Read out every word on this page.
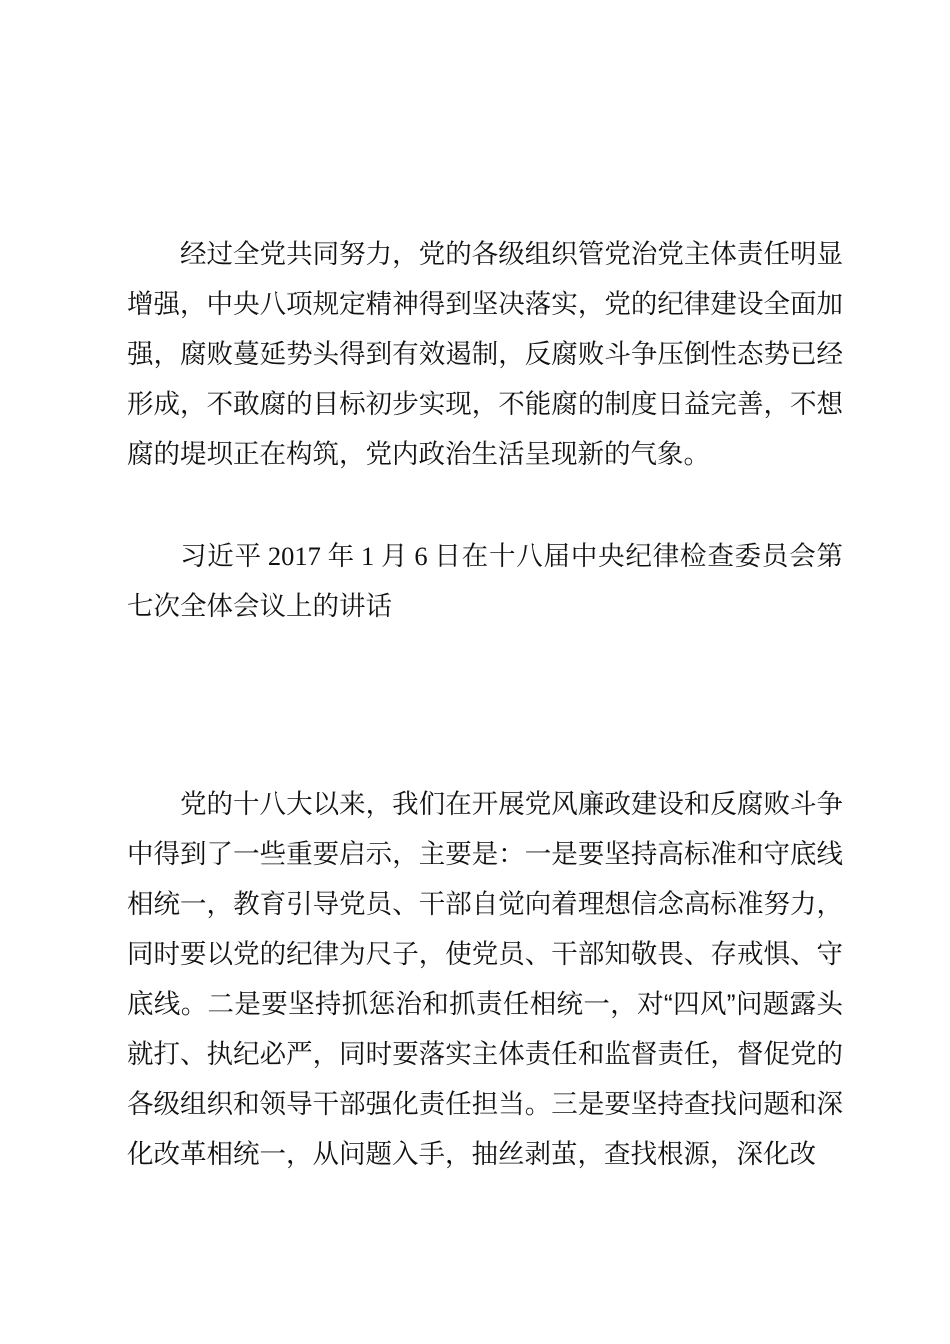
经过全党共同努力，党的各级组织管党治党主体责任明显增强，中央八项规定精神得到坚决落实，党的纪律建设全面加强，腐败蔓延势头得到有效遏制，反腐败斗争压倒性态势已经形成，不敢腐的目标初步实现，不能腐的制度日益完善，不想腐的堤坝正在构筑，党内政治生活呈现新的气象。

习近平 2017 年 1 月 6 日在十八届中央纪律检查委员会第七次全体会议上的讲话

党的十八大以来，我们在开展党风廉政建设和反腐败斗争中得到了一些重要启示，主要是：一是要坚持高标准和守底线相统一，教育引导党员、干部自觉向着理想信念高标准努力，同时要以党的纪律为尺子，使党员、干部知敬畏、存戒惧、守底线。二是要坚持抓惩治和抓责任相统一，对“四风”问题露头就打、执纪必严，同时要落实主体责任和监督责任，督促党的各级组织和领导干部强化责任担当。三是要坚持查找问题和深化改革相统一，从问题入手，抽丝剥茧，查找根源，深化改
